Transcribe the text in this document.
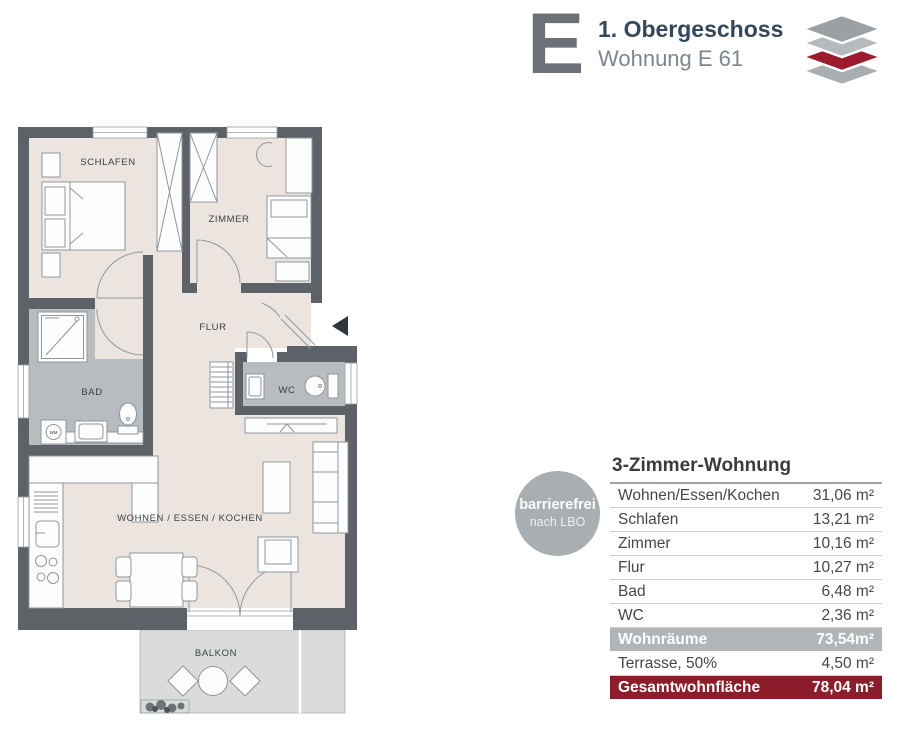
E 1. Obergeschoss
Wohnung E 61
WM
SCHLAFEN
ZIMMER
FLUR
BAD	WC
WOHNEN / ESSEN / KOCHEN
BALKON
barrierefrei
nach LBO
3-Zimmer-Wohnung
Wohnen/Essen/Kochen 31,06 m²
Schlafen	13,21 m²
Zimmer	10,16 m²
Flur	10,27 m²
Bad	6,48 m²
WC	2,36 m²
Wohnräume	73,54m²
Terrasse, 50%	4,50 m²
Gesamtwohnfläche	78,04 m²
